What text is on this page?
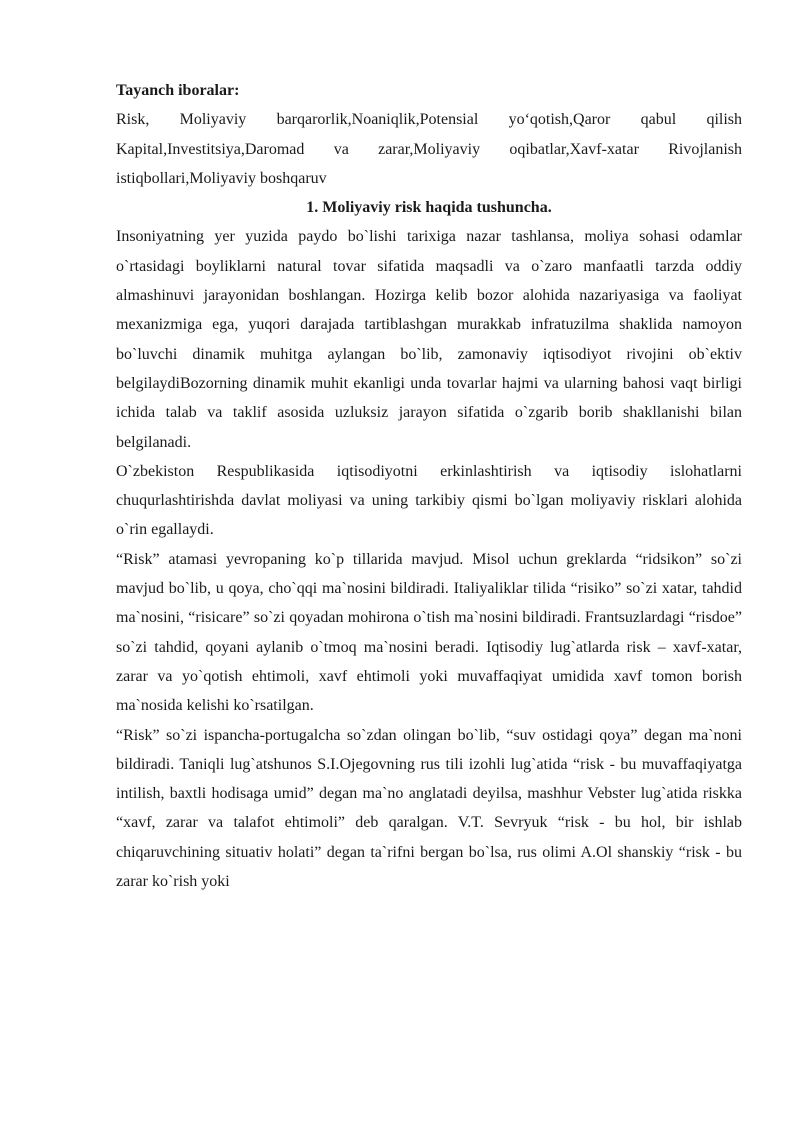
Tayanch iboralar:

Risk, Moliyaviy barqarorlik,Noaniqlik,Potensial yo‘qotish,Qaror qabul qilish Kapital,Investitsiya,Daromad va zarar,Moliyaviy oqibatlar,Xavf-xatar Rivojlanish istiqbollari,Moliyaviy boshqaruv

1. Moliyaviy risk haqida tushuncha.

Insoniyatning yer yuzida paydo bo`lishi tarixiga nazar tashlansa, moliya sohasi odamlar o`rtasidagi boyliklarni natural tovar sifatida maqsadli va o`zaro manfaatli tarzda oddiy almashinuvi jarayonidan boshlangan. Hozirga kelib bozor alohida nazariyasiga va faoliyat mexanizmiga ega, yuqori darajada tartiblashgan murakkab infratuzilma shaklida namoyon bo`luvchi dinamik muhitga aylangan bo`lib, zamonaviy iqtisodiyot rivojini ob`ektiv belgilaydiBozorning dinamik muhit ekanligi unda tovarlar hajmi va ularning bahosi vaqt birligi ichida talab va taklif asosida uzluksiz jarayon sifatida o`zgarib borib shakllanishi bilan belgilanadi.

O`zbekiston Respublikasida iqtisodiyotni erkinlashtirish va iqtisodiy islohatlarni chuqurlashtirishda davlat moliyasi va uning tarkibiy qismi bo`lgan moliyaviy risklari alohida o`rin egallaydi.

“Risk” atamasi yevropaning ko`p tillarida mavjud. Misol uchun greklarda “ridsikon” so`zi mavjud bo`lib, u qoya, cho`qqi ma`nosini bildiradi. Italiyaliklar tilida “risiko” so`zi xatar, tahdid ma`nosini, “risicare” so`zi qoyadan mohirona o`tish ma`nosini bildiradi. Frantsuzlardagi “risdoe” so`zi tahdid, qoyani aylanib o`tmoq ma`nosini beradi. Iqtisodiy lug`atlarda risk – xavf-xatar, zarar va yo`qotish ehtimoli, xavf ehtimoli yoki muvaffaqiyat umidida xavf tomon borish ma`nosida kelishi ko`rsatilgan.

“Risk” so`zi ispancha-portugalcha so`zdan olingan bo`lib, “suv ostidagi qoya” degan ma`noni bildiradi. Taniqli lug`atshunos S.I.Ojegovning rus tili izohli lug`atida “risk - bu muvaffaqiyatga intilish, baxtli hodisaga umid” degan ma`no anglatadi deyilsa, mashhur Vebster lug`atida riskka “xavf, zarar va talafot ehtimoli” deb qaralgan. V.T. Sevryuk “risk - bu hol, bir ishlab chiqaruvchining situativ holati” degan ta`rifni bergan bo`lsa, rus olimi A.Ol shanskiy “risk - bu zarar ko`rish yoki
